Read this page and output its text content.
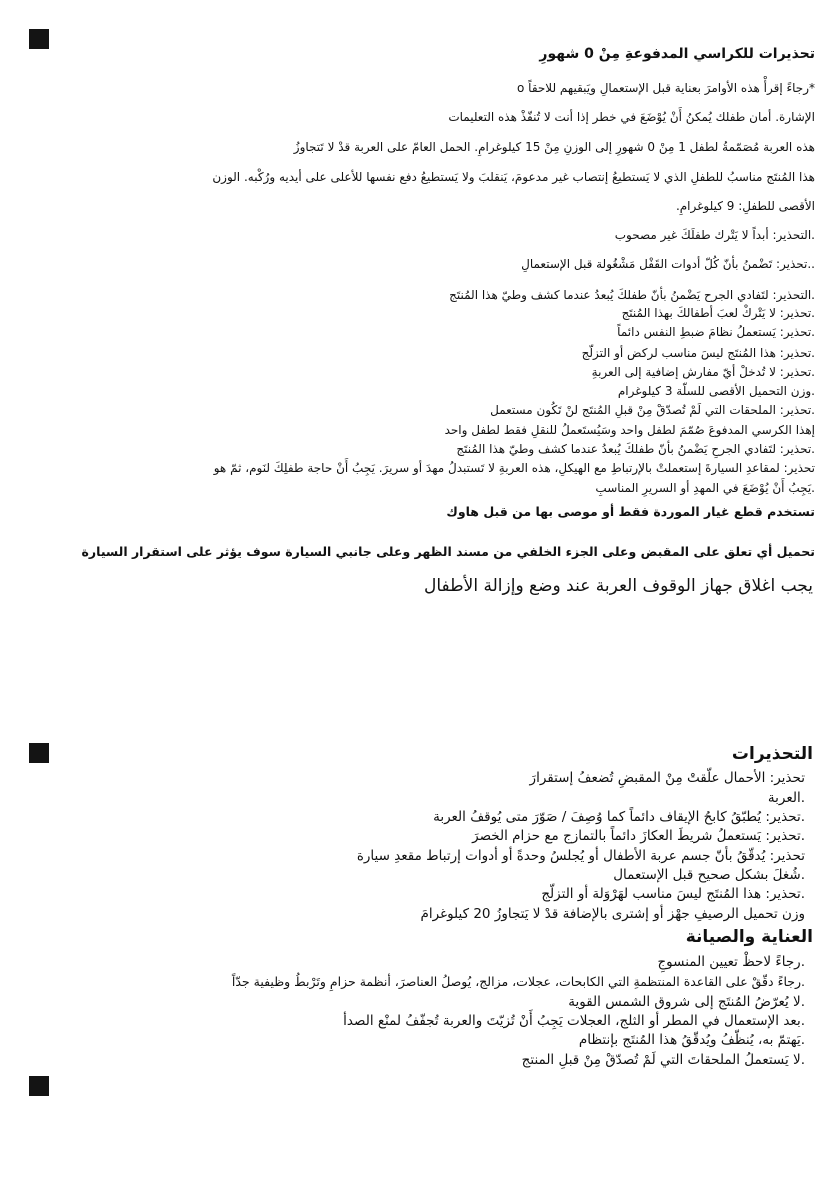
تحذيرات للكراسي المدفوعةِ مِنْ 0 شهورِ
*رجاءً إقرأْ هذه الأوامرَ بعناية قبل الإستعمالِ ويَبقيهم للاحقاً o
الإشارة. أمان طفلك يُمكنُ أَنْ يُوْضَعَ في خطر إذا أنت لا تُنفّذْ هذه التعليمات
هذه العربة مُصَمّمةُ لطفل 1 مِنْ 0 شهورِ إلى الوزنِ مِنْ 15 كيلوغرامِ. الحمل العامّ على العربة قدْ لا تَتجاوزُ
هذا المُنتَج مناسبُ للطفلِ الذي لا يَستطيعُ إنتصاب غير مدعومَ، يَنقلبَ ولا يَستطيعُ دفع نفسها للأعلى على أيديه ورُكْبه. الوزن
الأقصى للطفلِ: 9 كيلوغرامِ.
.التحذير: أبداً لا يَتْرك طفلَكَ غير مصحوب
..تحذير: تَضْمنُ بأنّ كُلّ أدوات القَفْل مَشْغُولة قبل الإستعمالِ
.التحذير: لتَفادي الجرح يَضْمنُ بأنّ طفلكَ يُبعدُ عندما كشف وطيّ هذا المُنتَج
.تحذير: لا يَتْركْ لعبَ أطفالكَ بهذا المُنتَج
.تحذير: يَستعملُ نظامَ ضبطِ النفس دائماً
.تحذير: هذا المُنتَج ليسَ مناسب لركض أو التزلّج
.تحذير: لا تُدخلْ أيّ مفارش إضافية إلى العربةِ
.وزن التحميل الأقصى للسلّة 3 كيلوغرام
.تحذير: الملحقات التي لَمْ تُصدّقْ مِنْ قبلِ المُنتَج لنْ تَكُون مستعمل
إهذا الكرسي المدفوعَ صُمّمَ لطفل واحد وسَيُستَعملُ للنقلِ فقط لطفل واحد
.تحذير: لتَفادي الجرحِ يَضْمنُ بأنّ طفلكَ يُبعدُ عندما كشف وطيّ هذا المُنتَج
تحذير: لمقاعدِ السيارةَ إستعملتْ بالإرتباطِ مع الهيكلِ، هذه العربةِ لا تَستبدلُ مهدَ أو سريرَ. يَجِبُ أَنْ حاجة طفلِكَ لنَوم، ثمّ هو
.يَجِبُ أَنْ يُوْضَعَ في المهدِ أو السريرِ المناسبِ
تستخدم قطع غيار الموردة فقط أو موصى بها من قبل هاوك
تحميل أي تعلق على المقبض وعلى الجزء الخلفي من مسند الظهر وعلى جانبي السيارة سوف يؤثر على استقرار السيارة
يجب اغلاق جهاز الوقوف العربة عند وضع وإزالة الأطفال
التحذيرات
تحذير: الأحمال علّقتْ مِنْ المقبضِ تُضعفُ إستقرارَ
.العربة
.تحذير: يُطبّقُ كابحُ الإيقاف دائماً كما وُصِفَ / صَوّرَ متى يُوقفُ العربة
.تحذير: يَستعملُ شريطَ العكازَ دائماً بالتمازج مع حزام الخصرَ
تحذير: يُدقّقُ بأنّ جسم عربة الأطفال أو يُجلسُ وحدةً أو أدوات إرتباط مقعدِ سيارة
.شُغلَ بشكل صحيح قبل الإستعمال
.تحذير: هذا المُنتَج ليسَ مناسب لهَرْوَلة أو التزلّج
وزن تحميل الرصيفِ جهْز أو إشترى بالإضافة قدْ لا يَتجاوزُ 20 كيلوغرامَ
العناية والصيانة
.رجاءً لاحظْ تعيين المنسوجِ
.رجاءً دقّقْ على القاعدة المنتظمةِ التي الكابحات، عجلات، مزالج، يُوصلُ العناصرَ، أنظمة حزامِ وتَرْبطُ وظيفية جدّاً
.لا يُعرّضُ المُنتَج إلى شروق الشمس القوية
.بعد الإستعمال في المطر أو الثلج، العجلات يَجِبُ أَنْ تُزيّتَ والعربة تُجفّفُ لمنْع الصدأ
.يَهتمّ به، يُنظّفُ ويُدقّقُ هذا المُنتَج بإنتظام
.لا يَستعملُ الملحقاتَ التي لَمْ تُصدّقْ مِنْ قبلِ المنتج
